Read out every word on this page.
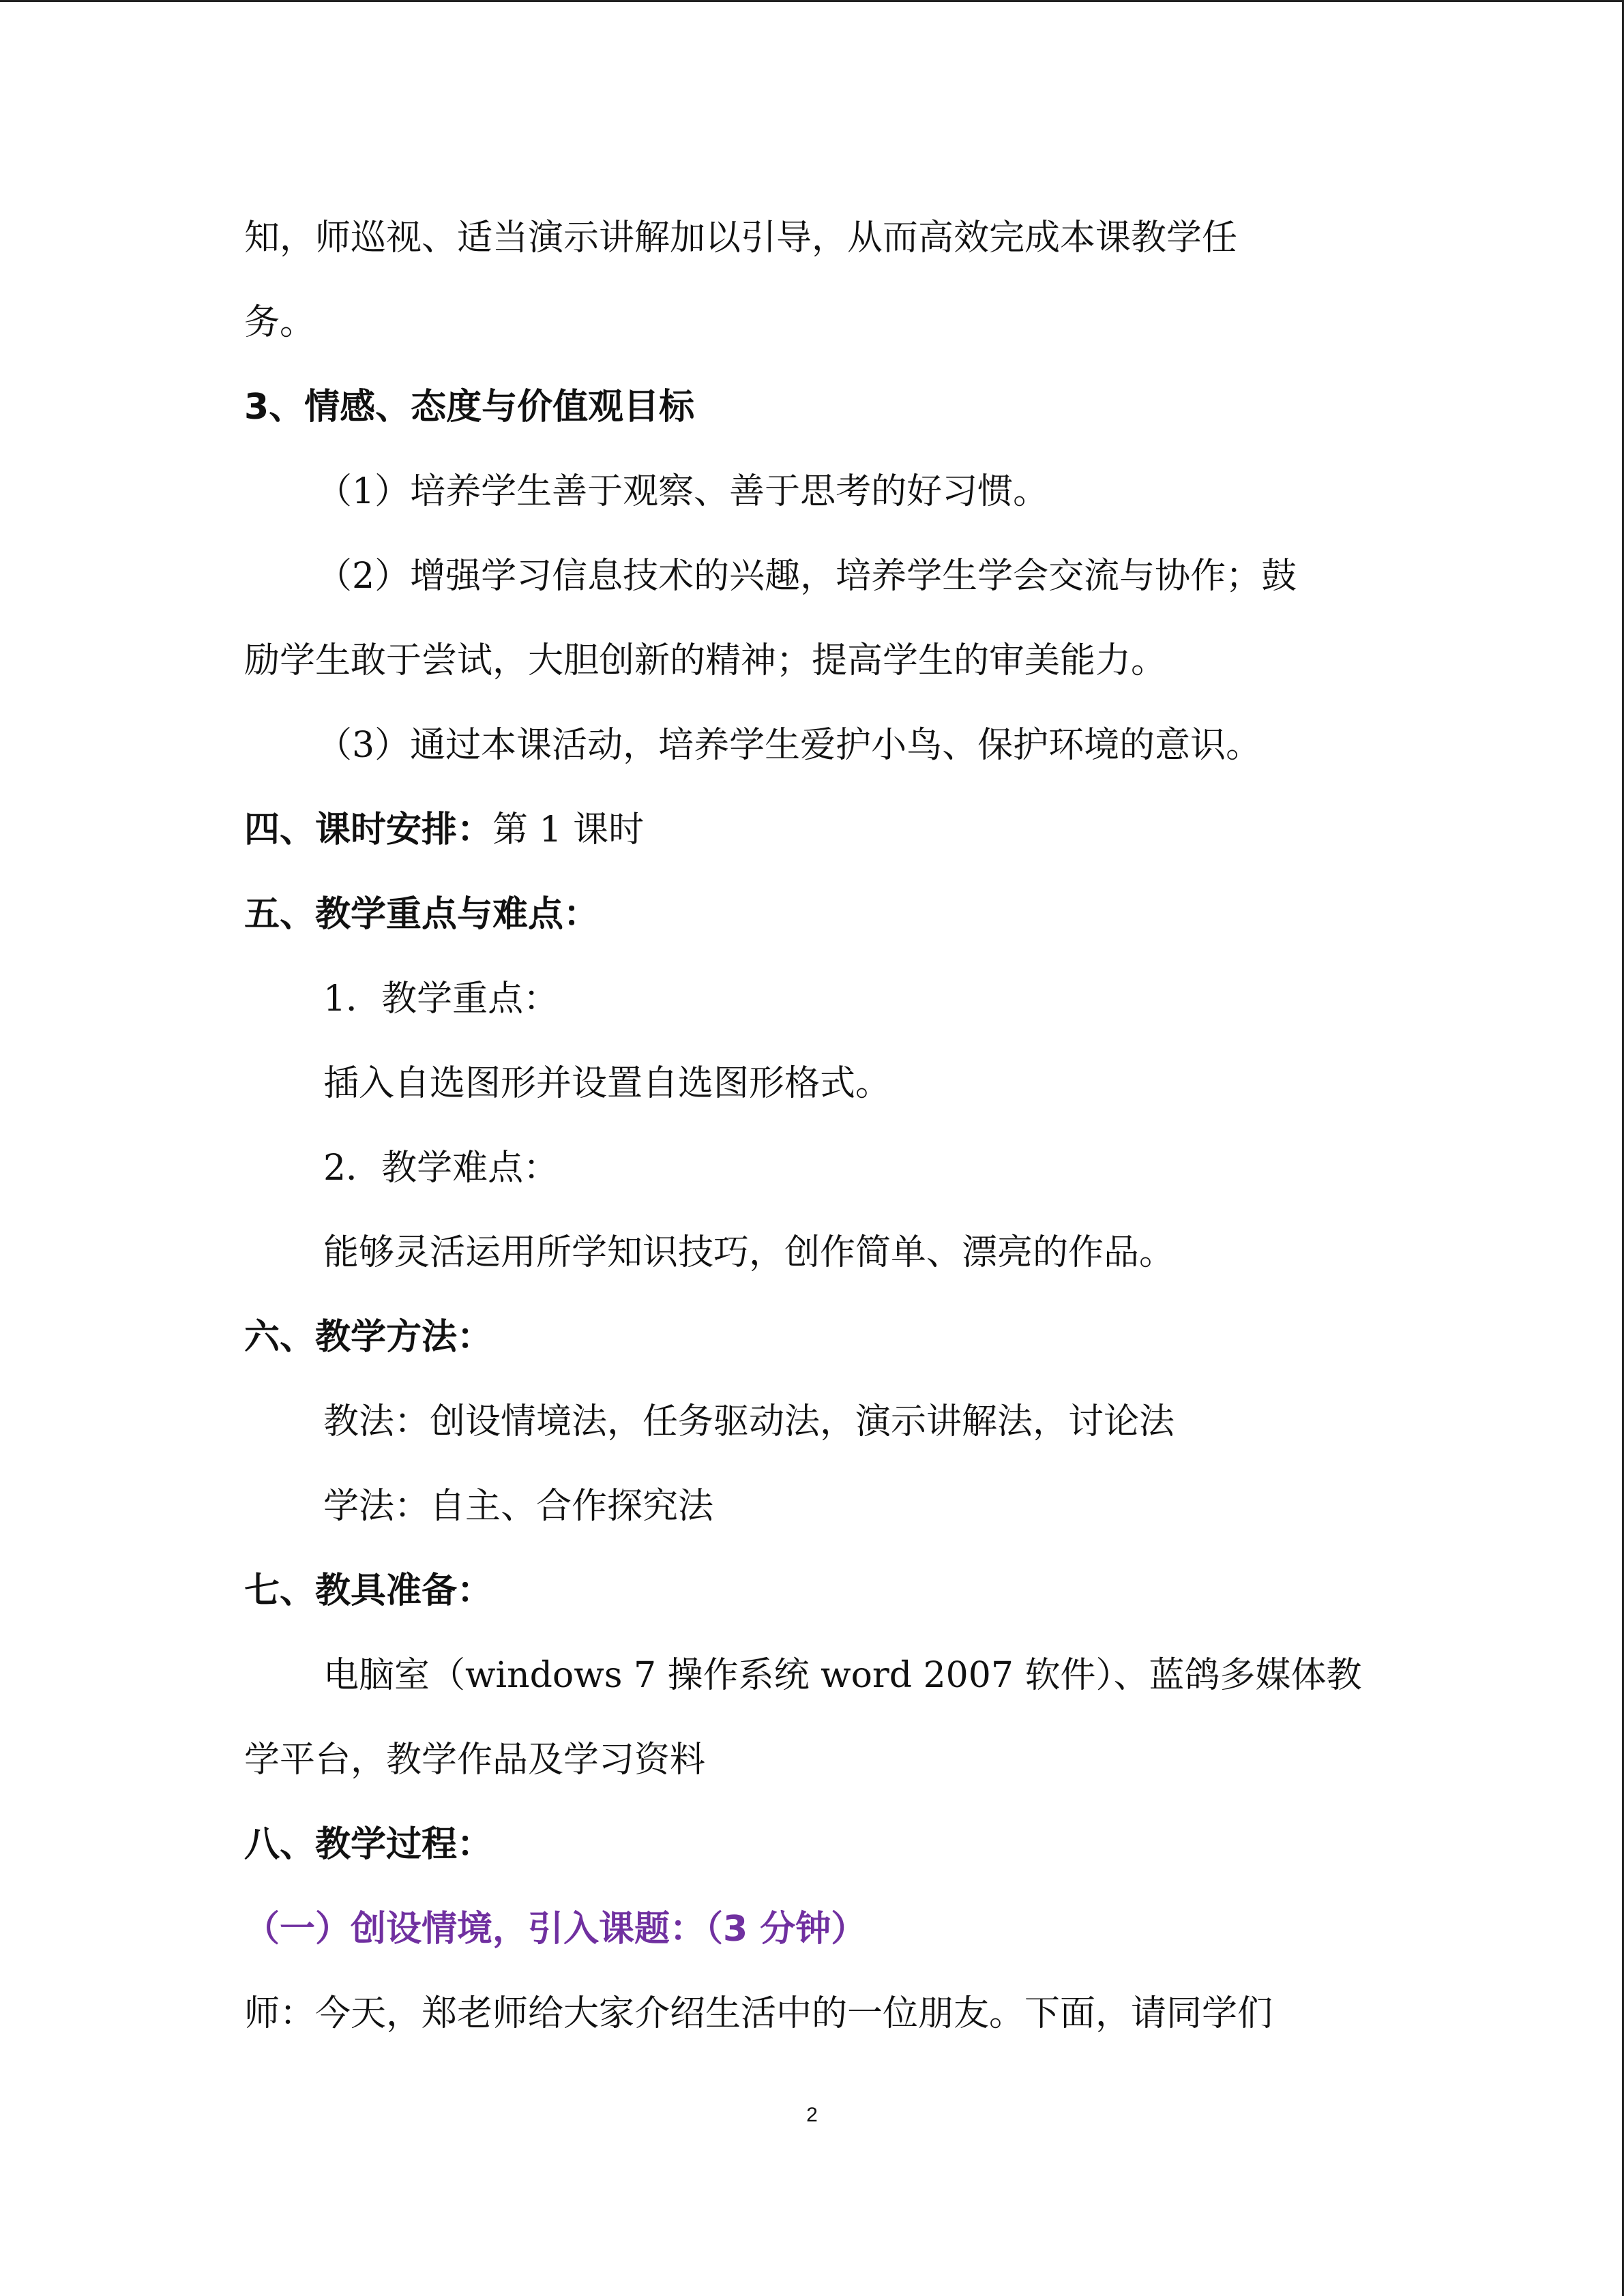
知，师巡视、适当演示讲解加以引导，从而高效完成本课教学任
务。
3、情感、态度与价值观目标
（1）培养学生善于观察、善于思考的好习惯。
（2）增强学习信息技术的兴趣，培养学生学会交流与协作；鼓
励学生敢于尝试，大胆创新的精神；提高学生的审美能力。
（3）通过本课活动，培养学生爱护小鸟、保护环境的意识。
四、课时安排：第 1 课时
五、教学重点与难点：
1．教学重点：
插入自选图形并设置自选图形格式。
2．教学难点：
能够灵活运用所学知识技巧，创作简单、漂亮的作品。
六、教学方法：
教法：创设情境法，任务驱动法，演示讲解法，讨论法
学法：自主、合作探究法
七、教具准备：
电脑室（windows 7 操作系统 word 2007 软件）、蓝鸽多媒体教
学平台，教学作品及学习资料
八、教学过程：
（一）创设情境，引入课题：（3 分钟）
师：今天，郑老师给大家介绍生活中的一位朋友。下面，请同学们
2
